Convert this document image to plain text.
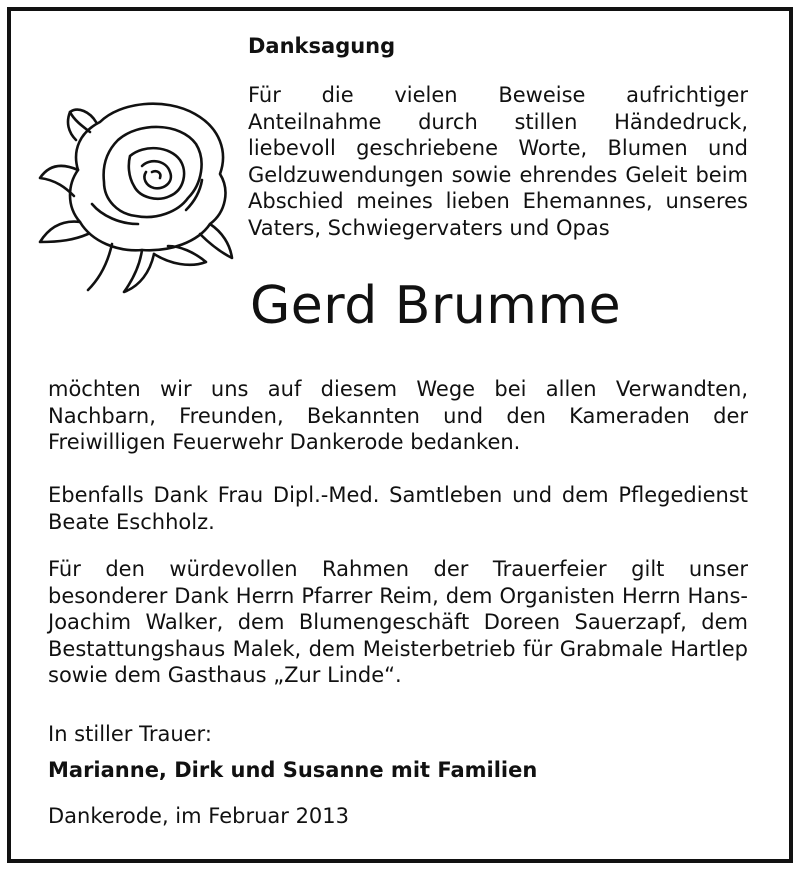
Danksagung

Für die vielen Beweise aufrichtiger Anteilnahme durch stillen Händedruck, liebevoll geschriebene Worte, Blumen und Geldzuwendungen sowie ehrendes Geleit beim Abschied meines lieben Ehemannes, unseres Vaters, Schwiegervaters und Opas

Gerd Brumme

möchten wir uns auf diesem Wege bei allen Verwandten, Nachbarn, Freunden, Bekannten und den Kameraden der Freiwilligen Feuerwehr Dankerode bedanken.

Ebenfalls Dank Frau Dipl.-Med. Samtleben und dem Pflegedienst Beate Eschholz.

Für den würdevollen Rahmen der Trauerfeier gilt unser besonderer Dank Herrn Pfarrer Reim, dem Organisten Herrn Hans-Joachim Walker, dem Blumengeschäft Doreen Sauerzapf, dem Bestattungshaus Malek, dem Meisterbetrieb für Grabmale Hartlep sowie dem Gasthaus „Zur Linde“.

In stiller Trauer:

Marianne, Dirk und Susanne mit Familien

Dankerode, im Februar 2013
